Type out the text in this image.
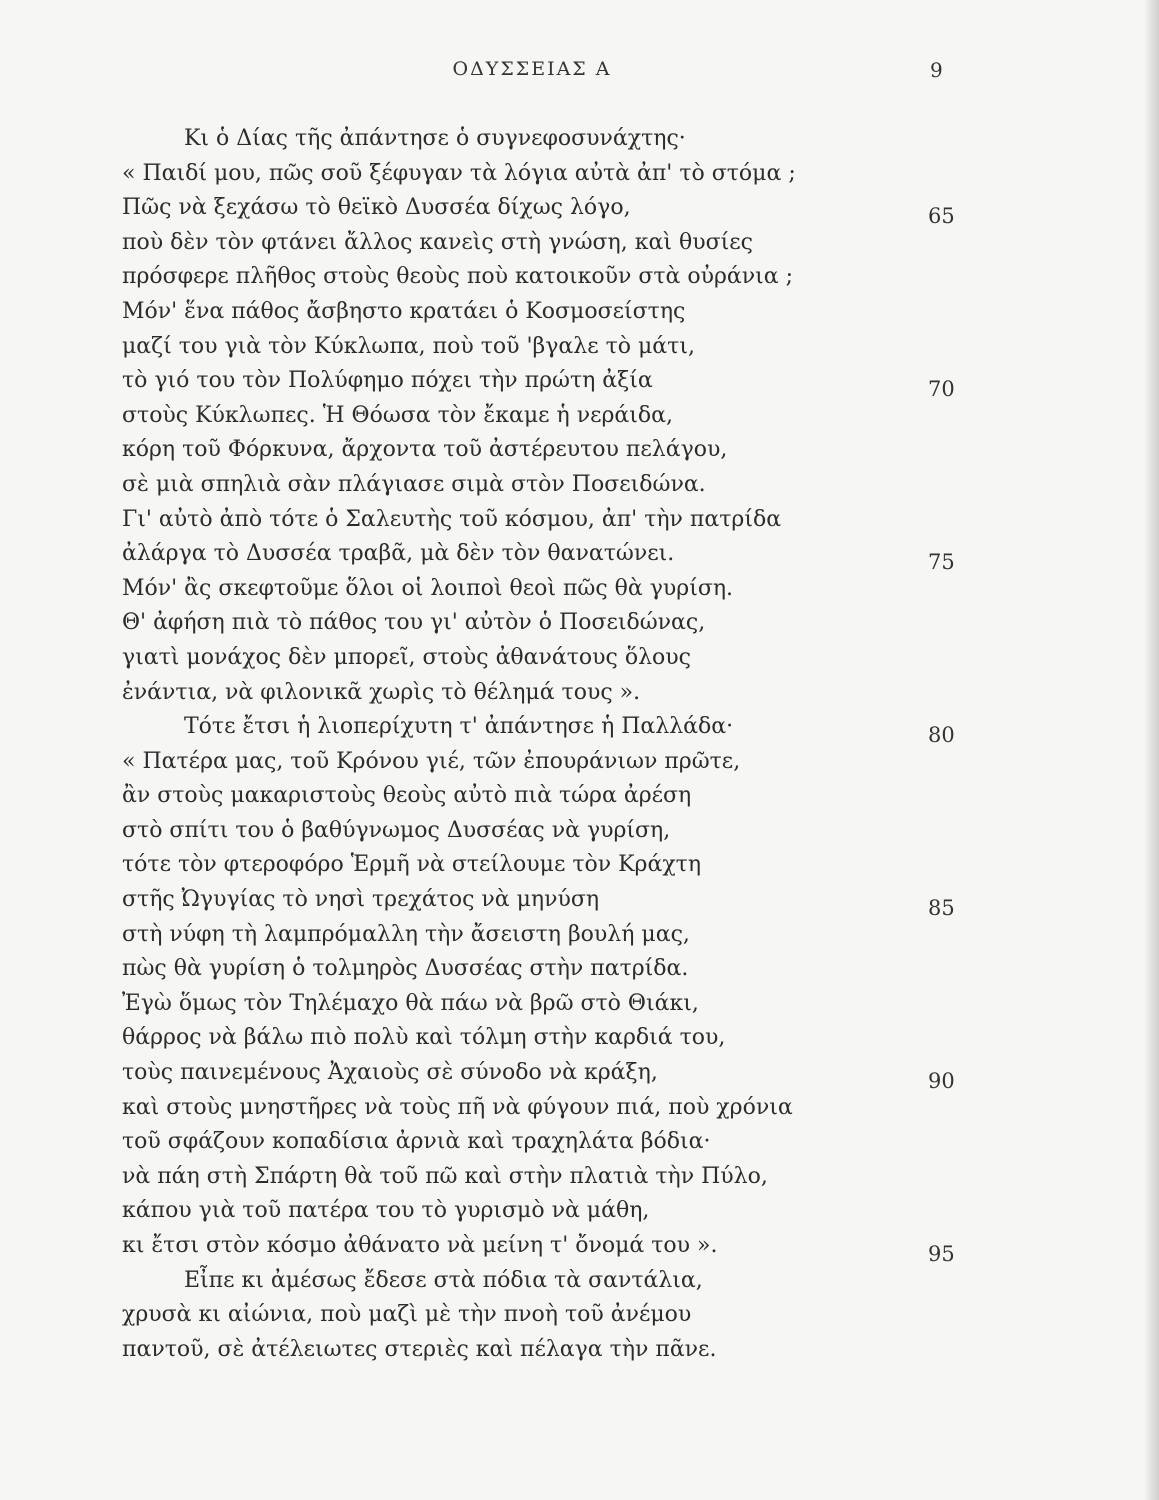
ΟΔΥΣΣΕΙΑΣ Α	9
Κι ὁ Δίας τῆς ἀπάντησε ὁ συγνεφοσυνάχτης·
« Παιδί μου, πῶς σοῦ ξέφυγαν τὰ λόγια αὐτὰ ἀπ' τὸ στόμα ;
Πῶς νὰ ξεχάσω τὸ θεϊκὸ Δυσσέα δίχως λόγο,	65
ποὺ δὲν τὸν φτάνει ἄλλος κανεὶς στὴ γνώση, καὶ θυσίες
πρόσφερε πλῆθος στοὺς θεοὺς ποὺ κατοικοῦν στὰ οὐράνια ;
Μόν' ἕνα πάθος ἄσβηστο κρατάει ὁ Κοσμοσείστης
μαζί του γιὰ τὸν Κύκλωπα, ποὺ τοῦ 'βγαλε τὸ μάτι,
τὸ γιό του τὸν Πολύφημο πόχει τὴν πρώτη ἀξία	70
στοὺς Κύκλωπες. Ἡ Θόωσα τὸν ἔκαμε ἡ νεράιδα,
κόρη τοῦ Φόρκυνα, ἄρχοντα τοῦ ἀστέρευτου πελάγου,
σὲ μιὰ σπηλιὰ σὰν πλάγιασε σιμὰ στὸν Ποσειδώνα.
Γι' αὐτὸ ἀπὸ τότε ὁ Σαλευτὴς τοῦ κόσμου, ἀπ' τὴν πατρίδα
ἀλάργα τὸ Δυσσέα τραβᾶ, μὰ δὲν τὸν θανατώνει.	75
Μόν' ἂς σκεφτοῦμε ὅλοι οἱ λοιποὶ θεοὶ πῶς θὰ γυρίση.
Θ' ἀφήση πιὰ τὸ πάθος του γι' αὐτὸν ὁ Ποσειδώνας,
γιατὶ μονάχος δὲν μπορεῖ, στοὺς ἀθανάτους ὅλους
ἐνάντια, νὰ φιλονικᾶ χωρὶς τὸ θέλημά τους ».
Τότε ἔτσι ἡ λιοπερίχυτη τ' ἀπάντησε ἡ Παλλάδα·	80
« Πατέρα μας, τοῦ Κρόνου γιέ, τῶν ἐπουράνιων πρῶτε,
ἂν στοὺς μακαριστοὺς θεοὺς αὐτὸ πιὰ τώρα ἀρέση
στὸ σπίτι του ὁ βαθύγνωμος Δυσσέας νὰ γυρίση,
τότε τὸν φτεροφόρο Ἑρμῆ νὰ στείλουμε τὸν Κράχτη
στῆς Ὠγυγίας τὸ νησὶ τρεχάτος νὰ μηνύση	85
στὴ νύφη τὴ λαμπρόμαλλη τὴν ἄσειστη βουλή μας,
πὼς θὰ γυρίση ὁ τολμηρὸς Δυσσέας στὴν πατρίδα.
Ἐγὼ ὅμως τὸν Τηλέμαχο θὰ πάω νὰ βρῶ στὸ Θιάκι,
θάρρος νὰ βάλω πιὸ πολὺ καὶ τόλμη στὴν καρδιά του,
τοὺς παινεμένους Ἀχαιοὺς σὲ σύνοδο νὰ κράξη,	90
καὶ στοὺς μνηστῆρες νὰ τοὺς πῆ νὰ φύγουν πιά, ποὺ χρόνια
τοῦ σφάζουν κοπαδίσια ἀρνιὰ καὶ τραχηλάτα βόδια·
νὰ πάη στὴ Σπάρτη θὰ τοῦ πῶ καὶ στὴν πλατιὰ τὴν Πύλο,
κάπου γιὰ τοῦ πατέρα του τὸ γυρισμὸ νὰ μάθη,
κι ἔτσι στὸν κόσμο ἀθάνατο νὰ μείνη τ' ὄνομά του ».	95
Εἶπε κι ἀμέσως ἔδεσε στὰ πόδια τὰ σαντάλια,
χρυσὰ κι αἰώνια, ποὺ μαζὶ μὲ τὴν πνοὴ τοῦ ἀνέμου
παντοῦ, σὲ ἀτέλειωτες στεριὲς καὶ πέλαγα τὴν πᾶνε.
